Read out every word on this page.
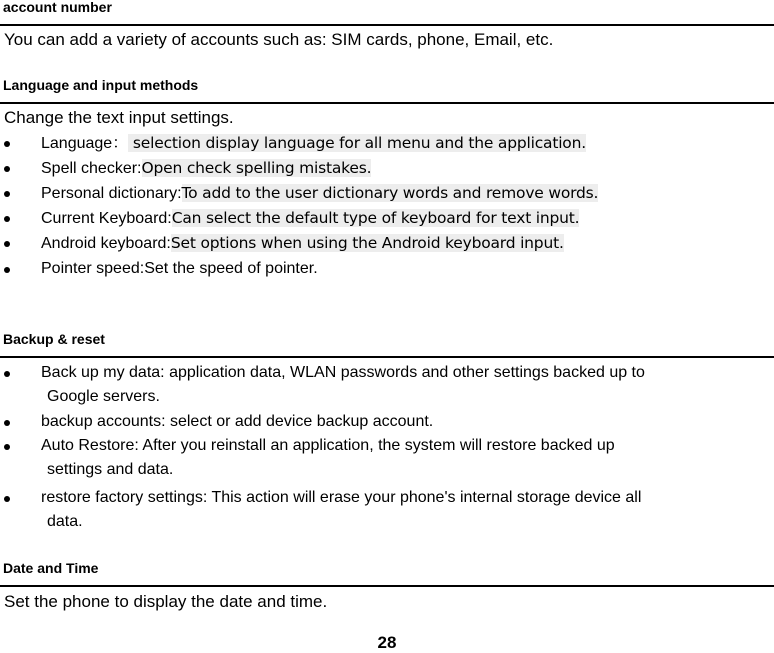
account number
You can add a variety of accounts such as: SIM cards, phone, Email, etc.
Language and input methods
Change the text input settings.
Language： selection display language for all menu and the application.
Spell checker:Open check spelling mistakes.
Personal dictionary:To add to the user dictionary words and remove words.
Current Keyboard:Can select the default type of keyboard for text input.
Android keyboard:Set options when using the Android keyboard input.
Pointer speed:Set the speed of pointer.
Backup & reset
Back up my data: application data, WLAN passwords and other settings backed up to
Google servers.
backup accounts: select or add device backup account.
Auto Restore: After you reinstall an application, the system will restore backed up
settings and data.
restore factory settings: This action will erase your phone's internal storage device all
data.
Date and Time
Set the phone to display the date and time.
28
